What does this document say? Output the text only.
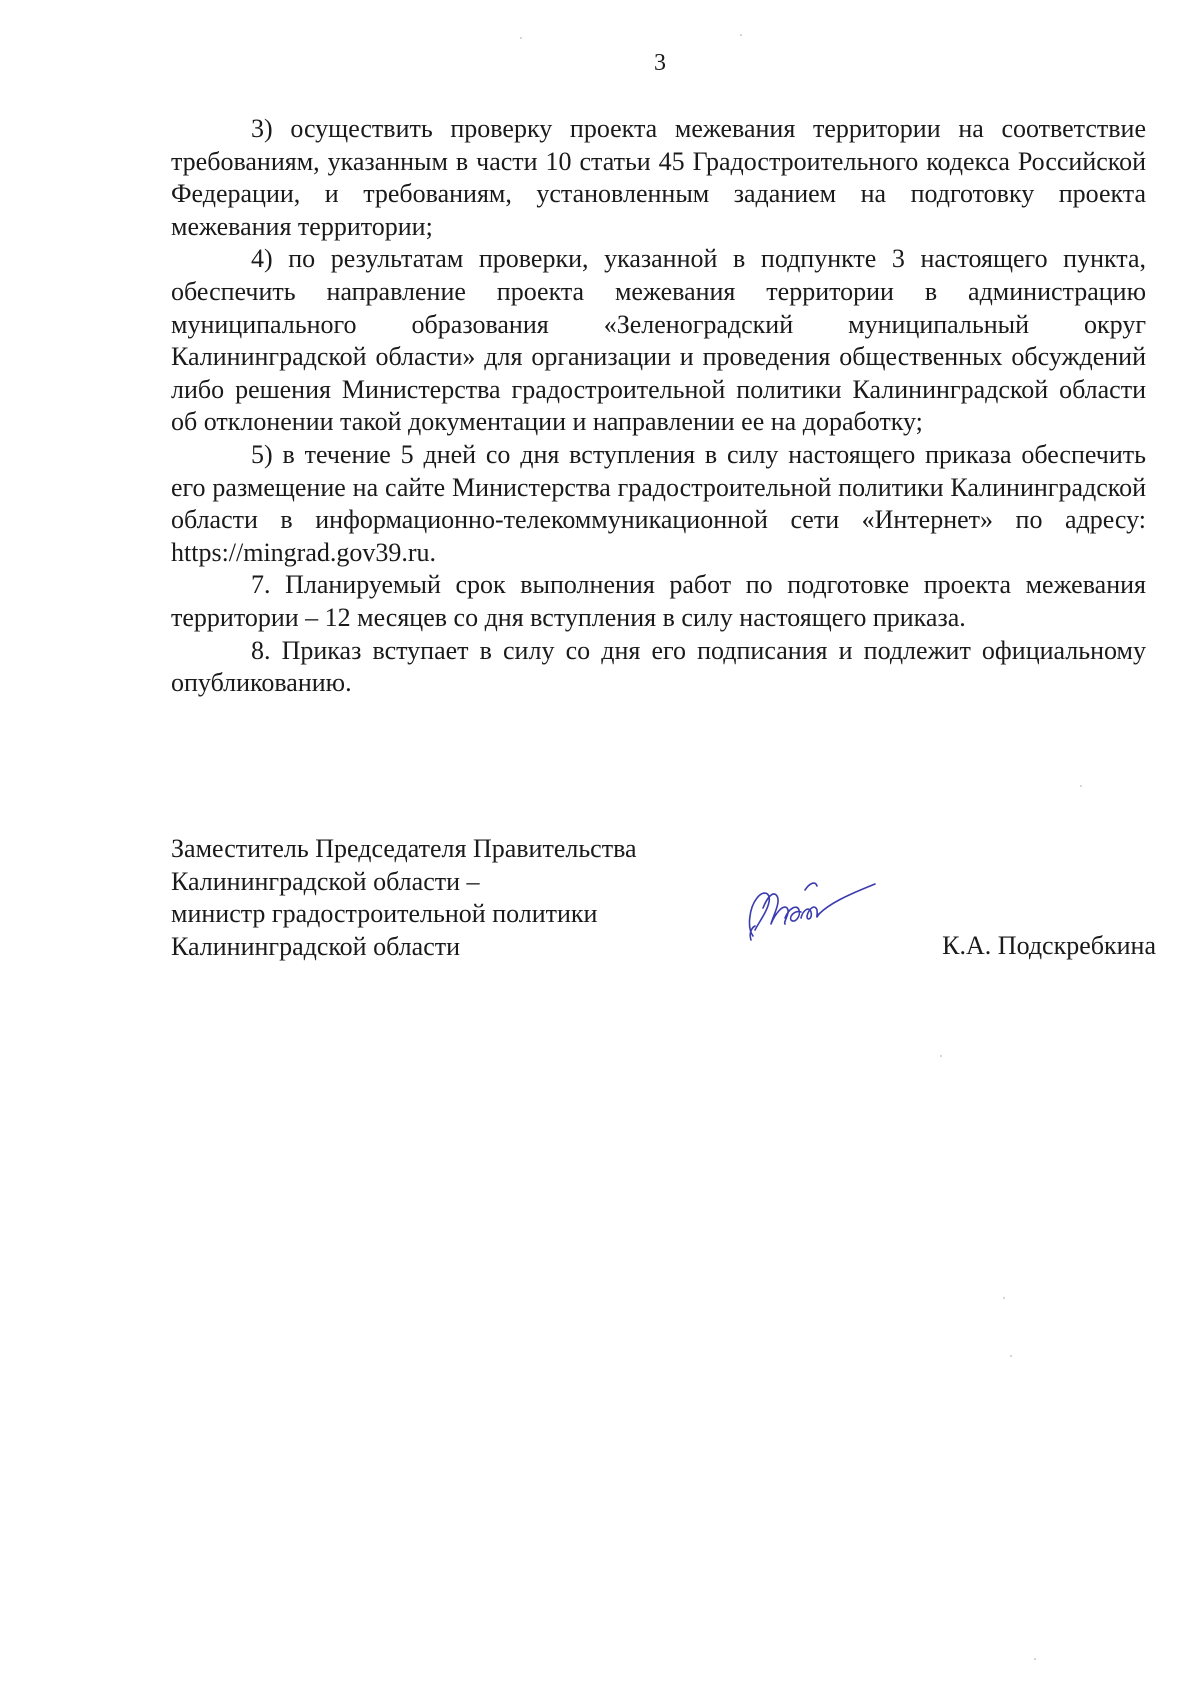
3

3) осуществить проверку проекта межевания территории на соответствие требованиям, указанным в части 10 статьи 45 Градостроительного кодекса Российской Федерации, и требованиям, установленным заданием на подготовку проекта межевания территории;

4) по результатам проверки, указанной в подпункте 3 настоящего пункта, обеспечить направление проекта межевания территории в администрацию муниципального образования «Зеленоградский муниципальный округ Калининградской области» для организации и проведения общественных обсуждений либо решения Министерства градостроительной политики Калининградской области об отклонении такой документации и направлении ее на доработку;

5) в течение 5 дней со дня вступления в силу настоящего приказа обеспечить его размещение на сайте Министерства градостроительной политики Калининградской области в информационно-телекоммуникационной сети «Интернет» по адресу: https://mingrad.gov39.ru.

7. Планируемый срок выполнения работ по подготовке проекта межевания территории – 12 месяцев со дня вступления в силу настоящего приказа.

8. Приказ вступает в силу со дня его подписания и подлежит официальному опубликованию.

Заместитель Председателя Правительства
Калининградской области –
министр градостроительной политики
Калининградской области	К.А. Подскребкина
